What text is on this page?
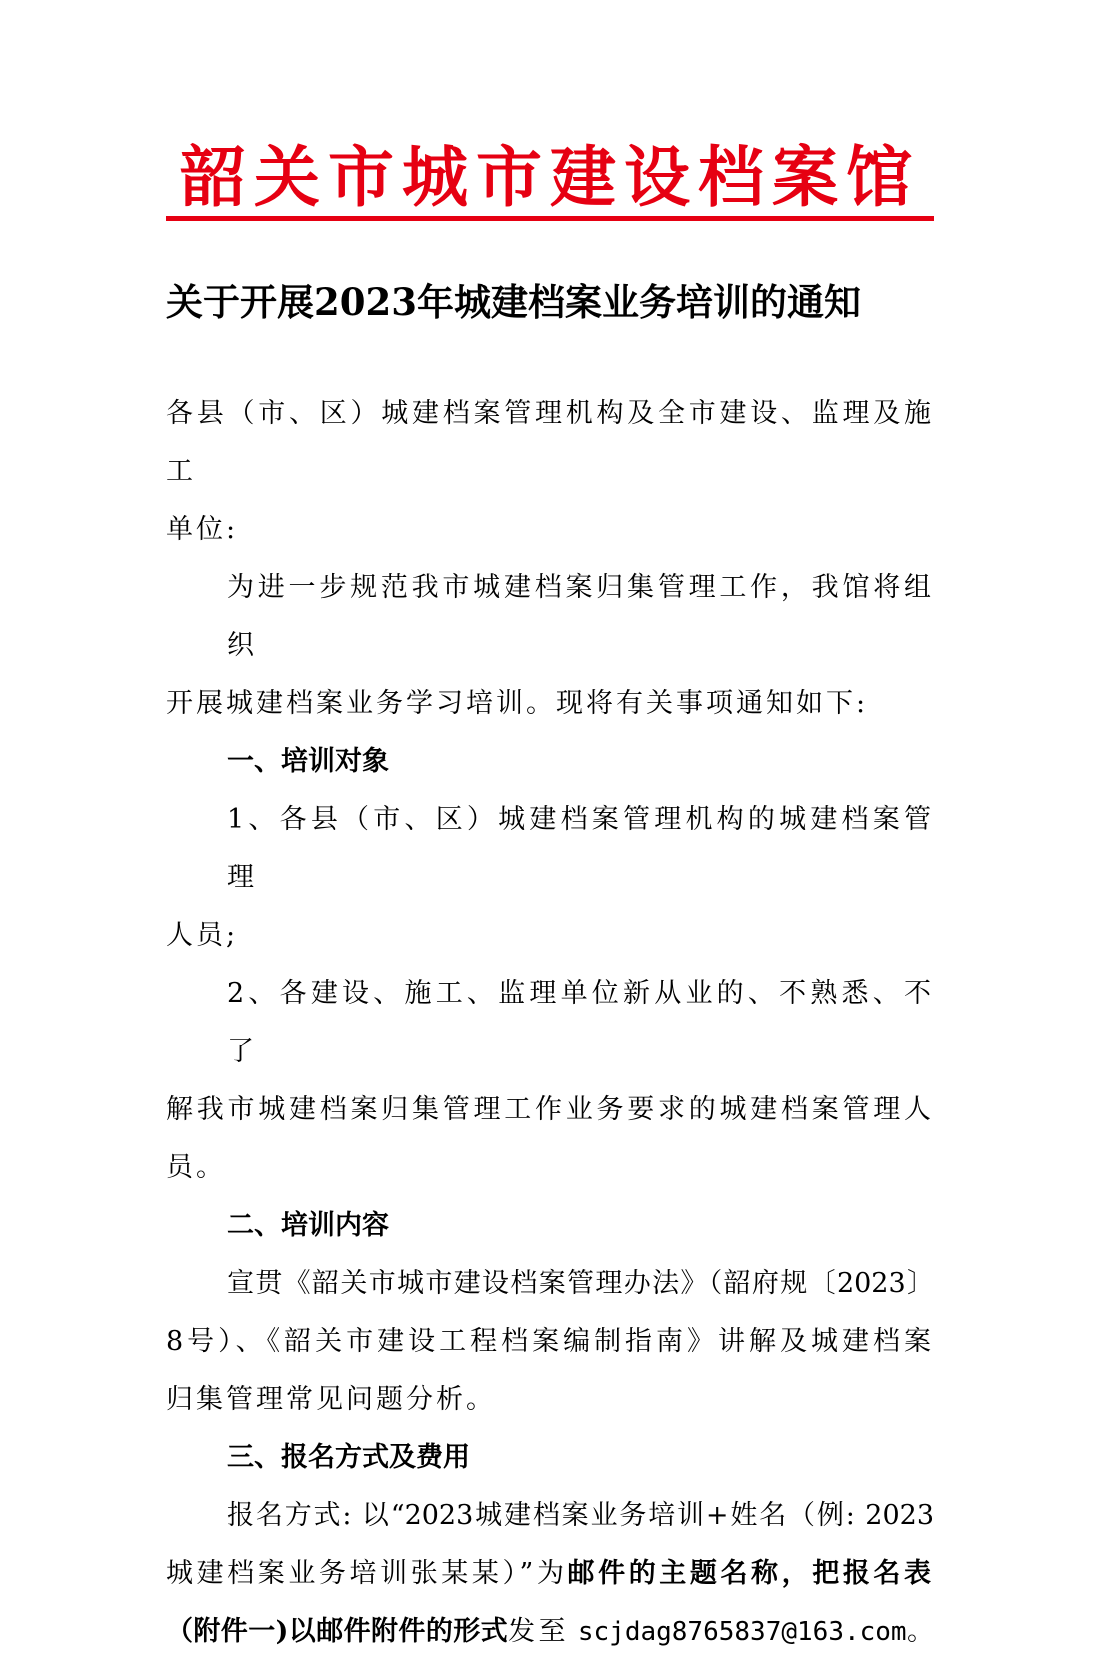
韶关市城市建设档案馆
关于开展2023年城建档案业务培训的通知

各县（市、区）城建档案管理机构及全市建设、监理及施工

单位:

为进一步规范我市城建档案归集管理工作，我馆将组织

开展城建档案业务学习培训。现将有关事项通知如下:

一、培训对象

1、各县（市、区）城建档案管理机构的城建档案管理

人员;

2、各建设、施工、监理单位新从业的、不熟悉、不了

解我市城建档案归集管理工作业务要求的城建档案管理人

员。

二、培训内容

宣贯《韶关市城市建设档案管理办法》（韶府规〔2023〕

8号）、《韶关市建设工程档案编制指南》讲解及城建档案

归集管理常见问题分析。

三、报名方式及费用

报名方式: 以“2023城建档案业务培训+姓名（例: 2023

城建档案业务培训张某某）”为邮件的主题名称，把报名表

（附件一)以邮件附件的形式发至 scjdag8765837@163.com。
